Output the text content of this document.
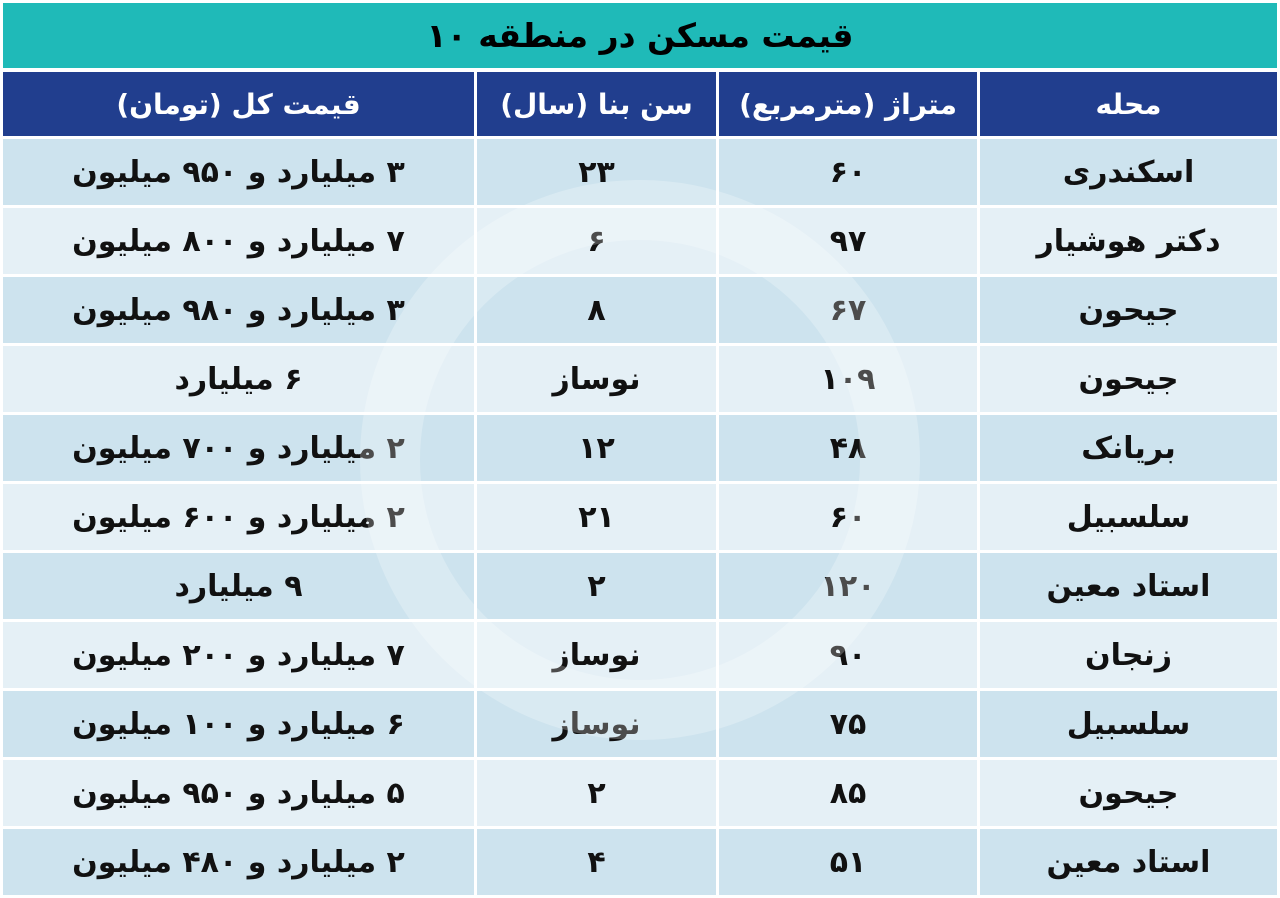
قیمت مسکن در منطقه ۱۰
محله	متراژ (مترمربع)	سن بنا (سال)	قیمت کل (تومان)
اسکندری	۶۰	۲۳	۳ میلیارد و ۹۵۰ میلیون
دکتر هوشیار	۹۷	۶	۷ میلیارد و ۸۰۰ میلیون
جیحون	۶۷	۸	۳ میلیارد و ۹۸۰ میلیون
جیحون	۱۰۹	نوساز	۶ میلیارد
بریانک	۴۸	۱۲	۲ میلیارد و ۷۰۰ میلیون
سلسبیل	۶۰	۲۱	۲ میلیارد و ۶۰۰ میلیون
استاد معین	۱۲۰	۲	۹ میلیارد
زنجان	۹۰	نوساز	۷ میلیارد و ۲۰۰ میلیون
سلسبیل	۷۵	نوساز	۶ میلیارد و ۱۰۰ میلیون
جیحون	۸۵	۲	۵ میلیارد و ۹۵۰ میلیون
استاد معین	۵۱	۴	۲ میلیارد و ۴۸۰ میلیون
